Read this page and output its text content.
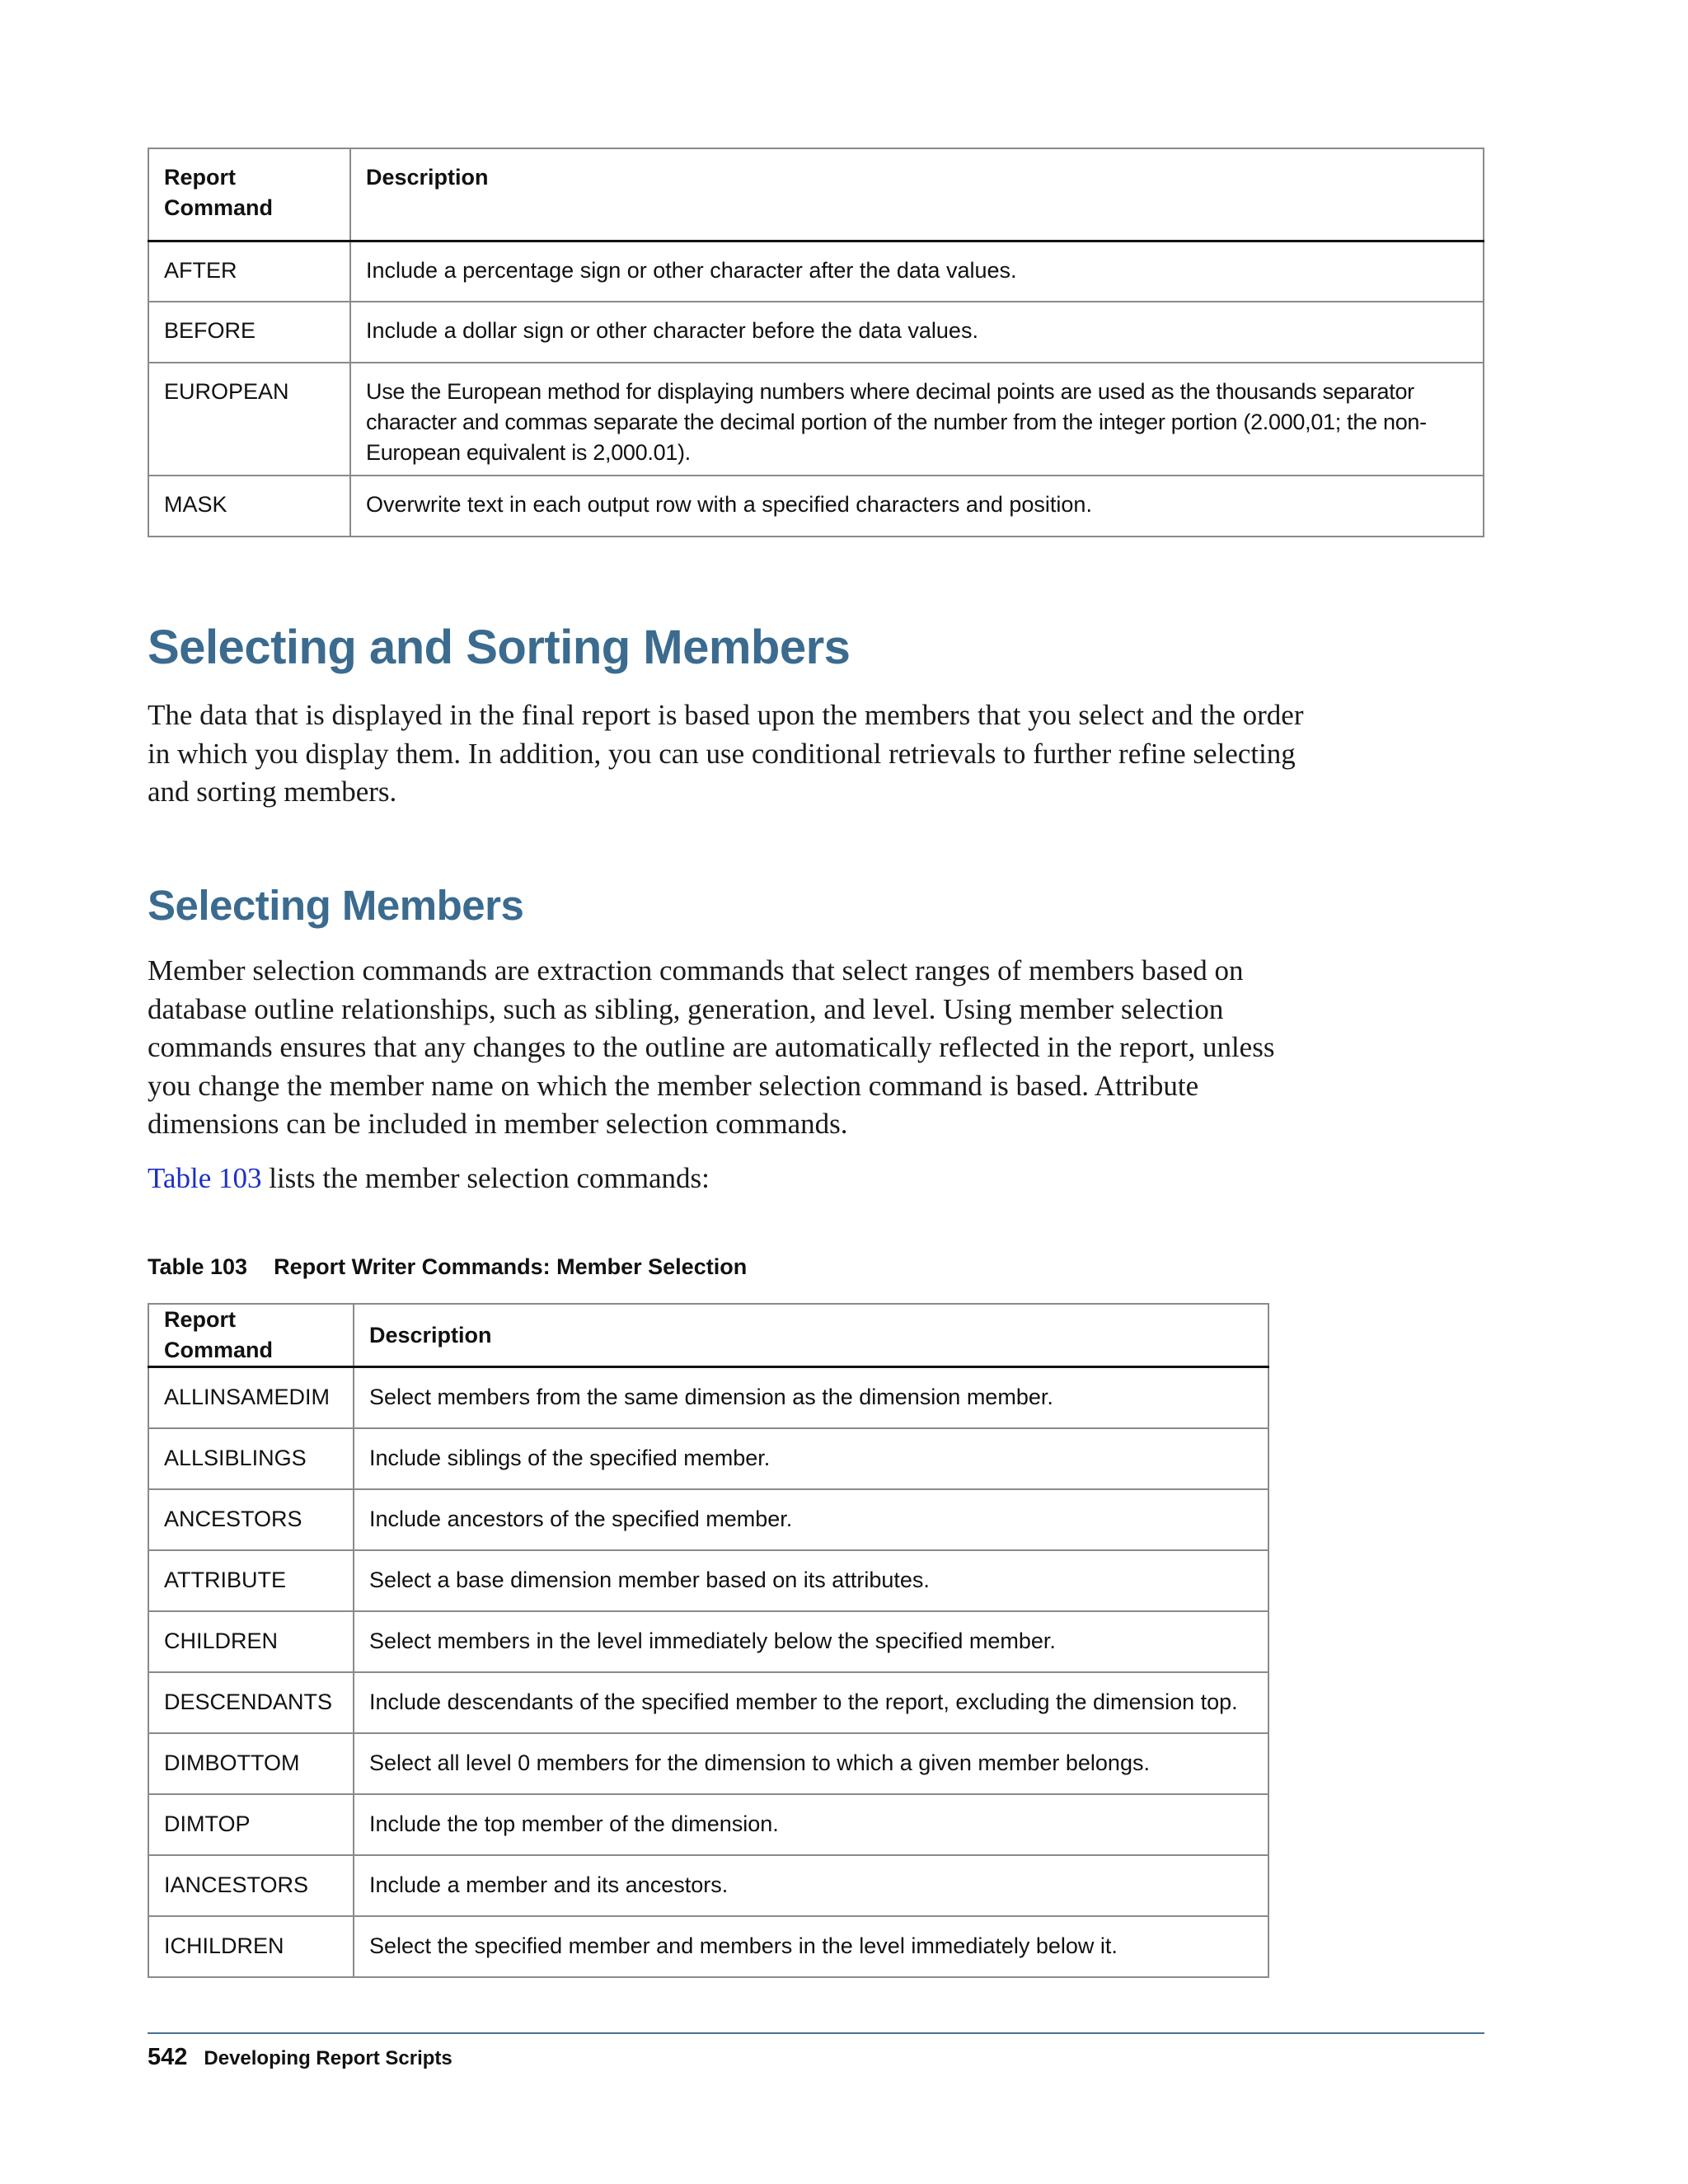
Report Command	Description
AFTER	Include a percentage sign or other character after the data values.
BEFORE	Include a dollar sign or other character before the data values.
EUROPEAN	Use the European method for displaying numbers where decimal points are used as the thousands separator character and commas separate the decimal portion of the number from the integer portion (2.000,01; the non-European equivalent is 2,000.01).
MASK	Overwrite text in each output row with a specified characters and position.
Selecting and Sorting Members

The data that is displayed in the final report is based upon the members that you select and the order in which you display them. In addition, you can use conditional retrievals to further refine selecting and sorting members.

Selecting Members

Member selection commands are extraction commands that select ranges of members based on database outline relationships, such as sibling, generation, and level. Using member selection commands ensures that any changes to the outline are automatically reflected in the report, unless you change the member name on which the member selection command is based. Attribute dimensions can be included in member selection commands.

Table 103 lists the member selection commands:

Table 103 Report Writer Commands: Member Selection

Report Command	Description
ALLINSAMEDIM	Select members from the same dimension as the dimension member.
ALLSIBLINGS	Include siblings of the specified member.
ANCESTORS	Include ancestors of the specified member.
ATTRIBUTE	Select a base dimension member based on its attributes.
CHILDREN	Select members in the level immediately below the specified member.
DESCENDANTS	Include descendants of the specified member to the report, excluding the dimension top.
DIMBOTTOM	Select all level 0 members for the dimension to which a given member belongs.
DIMTOP	Include the top member of the dimension.
IANCESTORS	Include a member and its ancestors.
ICHILDREN	Select the specified member and members in the level immediately below it.

542 Developing Report Scripts
